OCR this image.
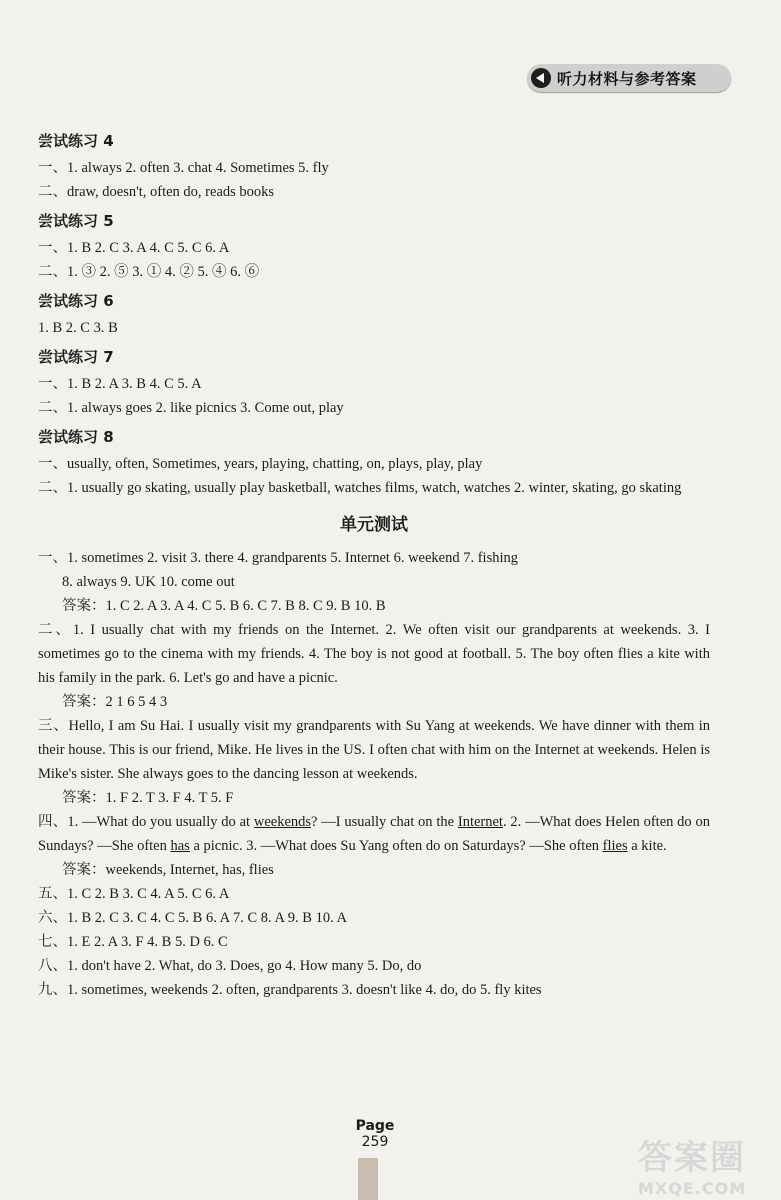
听力材料与参考答案
尝试练习 4
一、1. always 2. often 3. chat 4. Sometimes 5. fly
二、draw, doesn't, often do, reads books
尝试练习 5
一、1. B 2. C 3. A 4. C 5. C 6. A
二、1. ③ 2. ⑤ 3. ① 4. ② 5. ④ 6. ⑥
尝试练习 6
1. B 2. C 3. B
尝试练习 7
一、1. B 2. A 3. B 4. C 5. A
二、1. always goes 2. like picnics 3. Come out, play
尝试练习 8
一、usually, often, Sometimes, years, playing, chatting, on, plays, play, play
二、1. usually go skating, usually play basketball, watches films, watch, watches 2. winter, skating, go skating
单元测试
一、1. sometimes 2. visit 3. there 4. grandparents 5. Internet 6. weekend 7. fishing
8. always 9. UK 10. come out
答案：1. C 2. A 3. A 4. C 5. B 6. C 7. B 8. C 9. B 10. B
二、1. I usually chat with my friends on the Internet. 2. We often visit our grandparents at weekends. 3. I sometimes go to the cinema with my friends. 4. The boy is not good at football. 5. The boy often flies a kite with his family in the park. 6. Let's go and have a picnic.
答案：2 1 6 5 4 3
三、Hello, I am Su Hai. I usually visit my grandparents with Su Yang at weekends. We have dinner with them in their house. This is our friend, Mike. He lives in the US. I often chat with him on the Internet at weekends. Helen is Mike's sister. She always goes to the dancing lesson at weekends.
答案：1. F 2. T 3. F 4. T 5. F
四、1. —What do you usually do at weekends? —I usually chat on the Internet. 2. —What does Helen often do on Sundays? —She often has a picnic. 3. —What does Su Yang often do on Saturdays? —She often flies a kite.
答案：weekends, Internet, has, flies
五、1. C 2. B 3. C 4. A 5. C 6. A
六、1. B 2. C 3. C 4. C 5. B 6. A 7. C 8. A 9. B 10. A
七、1. E 2. A 3. F 4. B 5. D 6. C
八、1. don't have 2. What, do 3. Does, go 4. How many 5. Do, do
九、1. sometimes, weekends 2. often, grandparents 3. doesn't like 4. do, do 5. fly kites
Page
259	答案圈
MXQE.COM
